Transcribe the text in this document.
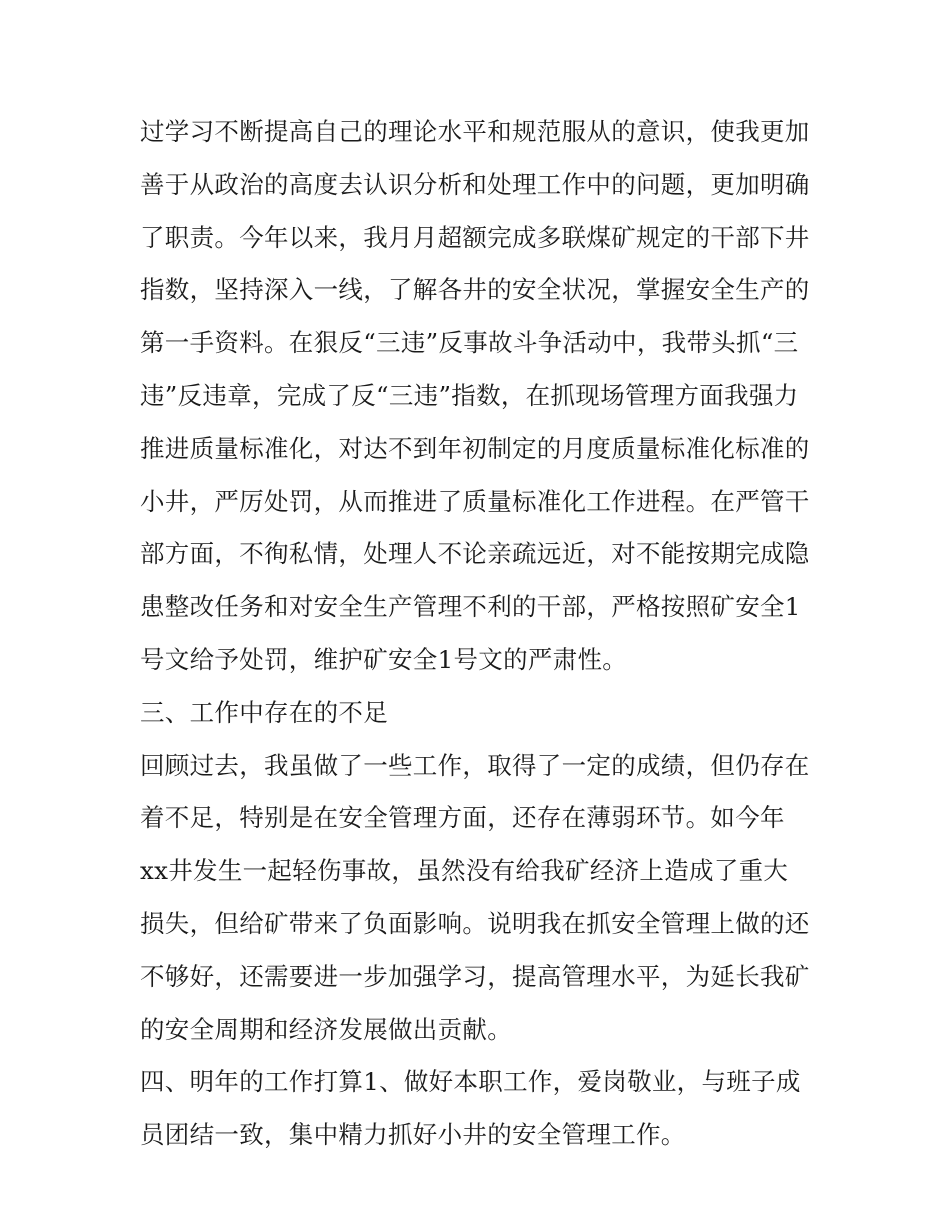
过学习不断提高自己的理论水平和规范服从的意识，使我更加
善于从政治的高度去认识分析和处理工作中的问题，更加明确
了职责。今年以来，我月月超额完成多联煤矿规定的干部下井
指数，坚持深入一线，了解各井的安全状况，掌握安全生产的
第一手资料。在狠反“三违”反事故斗争活动中，我带头抓“三
违”反违章，完成了反“三违”指数，在抓现场管理方面我强力
推进质量标准化，对达不到年初制定的月度质量标准化标准的
小井，严厉处罚，从而推进了质量标准化工作进程。在严管干
部方面，不徇私情，处理人不论亲疏远近，对不能按期完成隐
患整改任务和对安全生产管理不利的干部，严格按照矿安全1
号文给予处罚，维护矿安全1号文的严肃性。
三、工作中存在的不足
回顾过去，我虽做了一些工作，取得了一定的成绩，但仍存在
着不足，特别是在安全管理方面，还存在薄弱环节。如今年
xx井发生一起轻伤事故，虽然没有给我矿经济上造成了重大
损失，但给矿带来了负面影响。说明我在抓安全管理上做的还
不够好，还需要进一步加强学习，提高管理水平，为延长我矿
的安全周期和经济发展做出贡献。
四、明年的工作打算1、做好本职工作，爱岗敬业，与班子成
员团结一致，集中精力抓好小井的安全管理工作。
